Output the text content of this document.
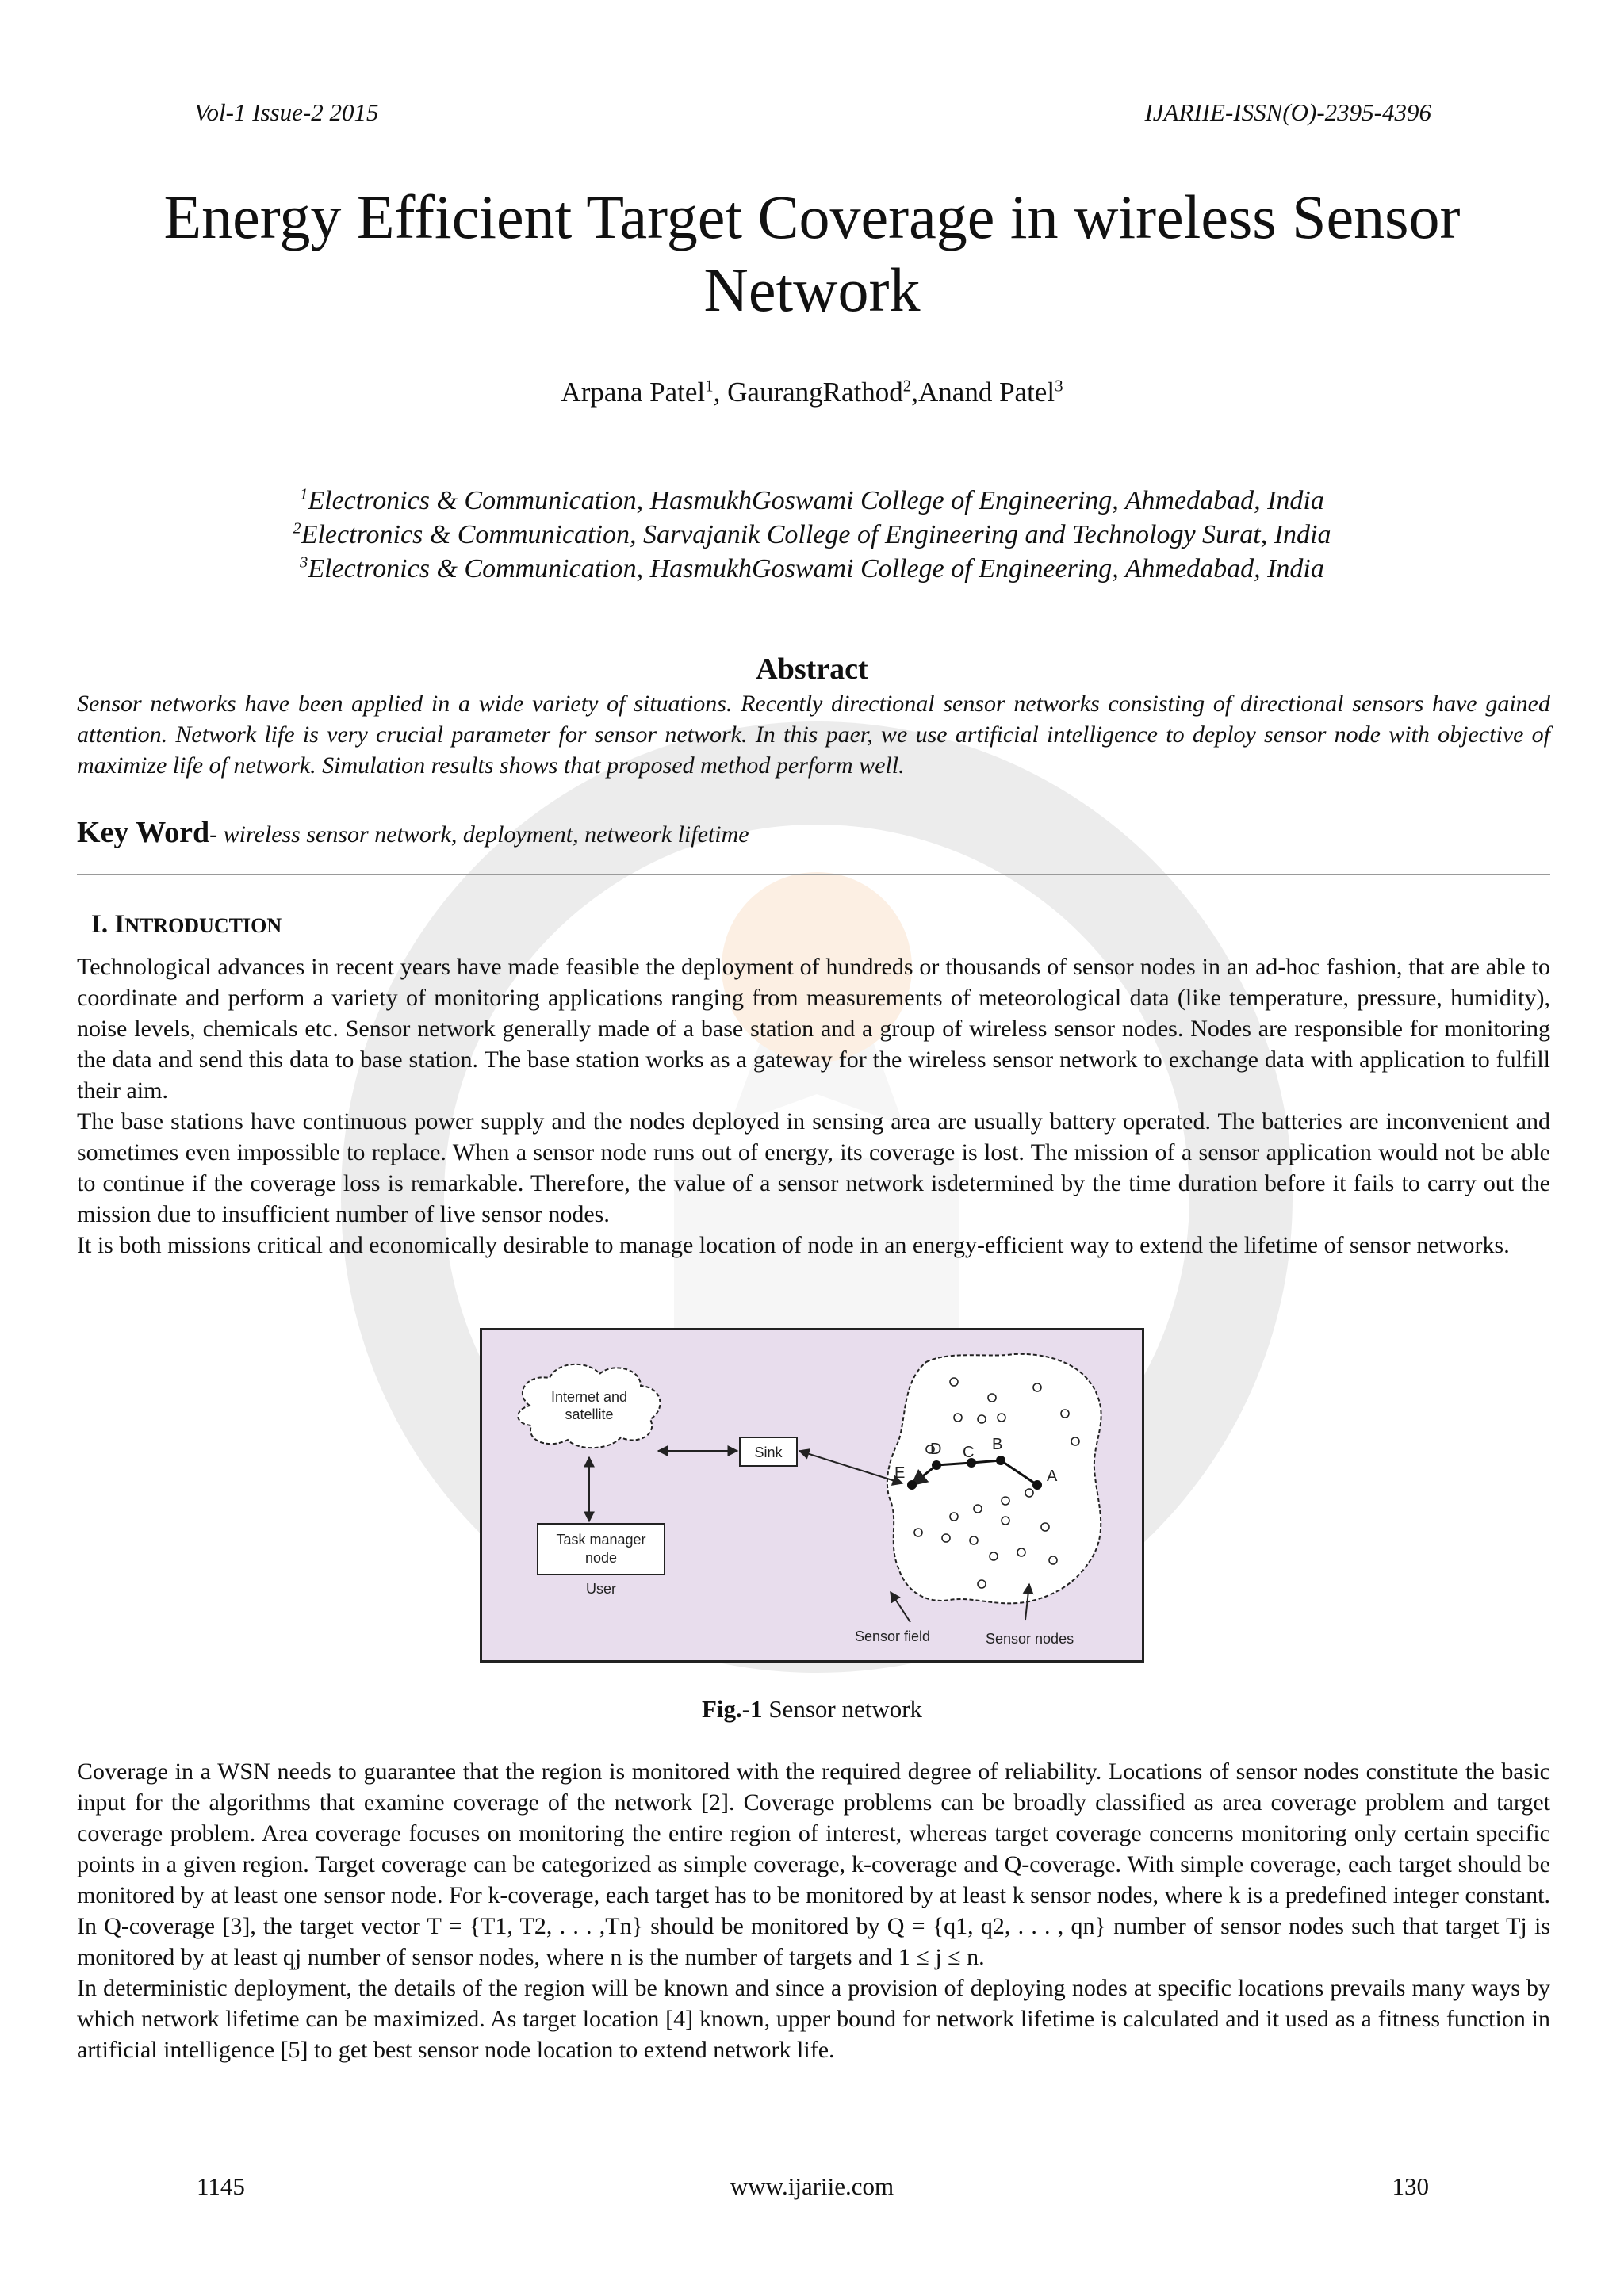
Vol-1 Issue-2 2015	IJARIIE-ISSN(O)-2395-4396
Energy Efficient Target Coverage in wireless Sensor
Network
Arpana Patel$^1$, GaurangRathod$^2$,Anand Patel$^3$
$^1$Electronics & Communication, HasmukhGoswami College of Engineering, Ahmedabad, India
$^2$Electronics & Communication, Sarvajanik College of Engineering and Technology Surat, India
$^3$Electronics & Communication, HasmukhGoswami College of Engineering, Ahmedabad, India
Abstract
Sensor networks have been applied in a wide variety of situations. Recently directional sensor networks consisting of directional sensors have gained attention. Network life is very crucial parameter for sensor network. In this paer, we use artificial intelligence to deploy sensor node with objective of maximize life of network. Simulation results shows that proposed method perform well.
Key Word- wireless sensor network, deployment, netweork lifetime
I. INTRODUCTION

Technological advances in recent years have made feasible the deployment of hundreds or thousands of sensor nodes in an ad-hoc fashion, that are able to coordinate and perform a variety of monitoring applications ranging from measurements of meteorological data (like temperature, pressure, humidity), noise levels, chemicals etc. Sensor network generally made of a base station and a group of wireless sensor nodes. Nodes are responsible for monitoring the data and send this data to base station. The base station works as a gateway for the wireless sensor network to exchange data with application to fulfill their aim.

The base stations have continuous power supply and the nodes deployed in sensing area are usually battery operated. The batteries are inconvenient and sometimes even impossible to replace. When a sensor node runs out of energy, its coverage is lost. The mission of a sensor application would not be able to continue if the coverage loss is remarkable. Therefore, the value of a sensor network isdetermined by the time duration before it fails to carry out the mission due to insufficient number of live sensor nodes.

It is both missions critical and economically desirable to manage location of node in an energy-efficient way to extend the lifetime of sensor networks.

Internet and
satellite
Sink
Task manager
node
User
E
D C B
A
Sensor field	Sensor nodes
Fig.-1 Sensor network

Coverage in a WSN needs to guarantee that the region is monitored with the required degree of reliability. Locations of sensor nodes constitute the basic input for the algorithms that examine coverage of the network [2]. Coverage problems can be broadly classified as area coverage problem and target coverage problem. Area coverage focuses on monitoring the entire region of interest, whereas target coverage concerns monitoring only certain specific points in a given region. Target coverage can be categorized as simple coverage, k-coverage and Q-coverage. With simple coverage, each target should be monitored by at least one sensor node. For k-coverage, each target has to be monitored by at least k sensor nodes, where k is a predefined integer constant. In Q-coverage [3], the target vector T = {T1, T2, . . . ,Tn} should be monitored by Q = {q1, q2, . . . , qn} number of sensor nodes such that target Tj is monitored by at least qj number of sensor nodes, where n is the number of targets and 1 ≤ j ≤ n.

In deterministic deployment, the details of the region will be known and since a provision of deploying nodes at specific locations prevails many ways by which network lifetime can be maximized. As target location [4] known, upper bound for network lifetime is calculated and it used as a fitness function in artificial intelligence [5] to get best sensor node location to extend network life.

1145	www.ijariie.com	130
